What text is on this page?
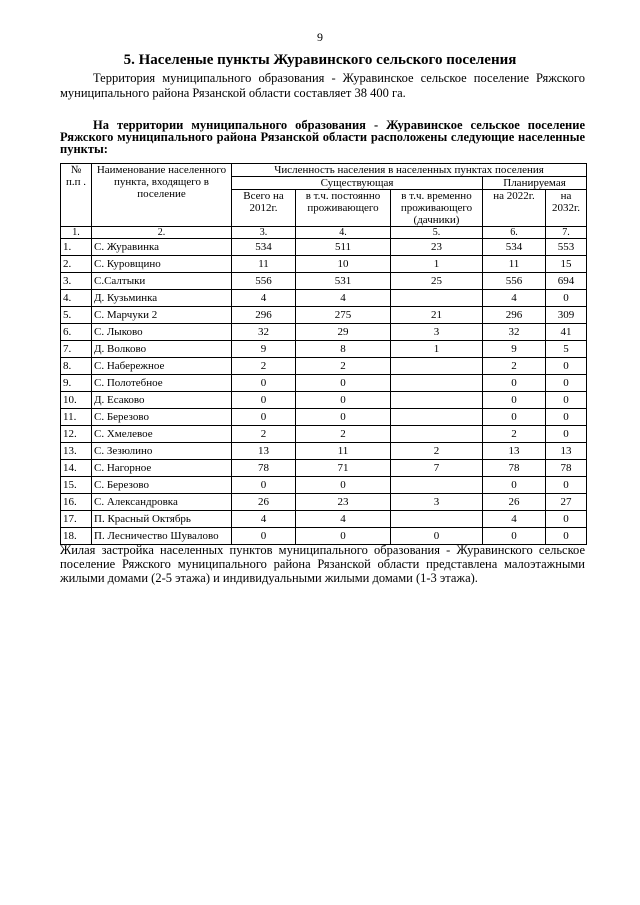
9
5. Населеные пункты Журавинского сельского поселения
Территория муниципального образования - Журавинское сельское поселение Ряжского муниципального района Рязанской области составляет 38 400 га.
На территории муниципального образования - Журавинское сельское поселение Ряжского муниципального района Рязанской области расположены следующие населенные пункты:
№ п.п .	Наименование населенного пункта, входящего в поселение	Численность населения в населенных пунктах поселения				
		Существующая			Планируемая	
		Всего на 2012г.	в т.ч. постоянно проживающего	в т.ч. временно проживающего (дачники)	на 2022г.	на 2032г.
1.	2.	3.	4.	5.	6.	7.
1.	С. Журавинка	534	511	23	534	553
2.	С. Куровщино	11	10	1	11	15
3.	С.Салтыки	556	531	25	556	694
4.	Д. Кузьминка	4	4		4	0
5.	С. Марчуки 2	296	275	21	296	309
6.	С. Лыково	32	29	3	32	41
7.	Д. Волково	9	8	1	9	5
8.	С. Набережное	2	2		2	0
9.	С. Полотебное	0	0		0	0
10.	Д. Есаково	0	0		0	0
11.	С. Березово	0	0		0	0
12.	С. Хмелевое	2	2		2	0
13.	С. Зезюлино	13	11	2	13	13
14.	С. Нагорное	78	71	7	78	78
15.	С. Березово	0	0		0	0
16.	С. Александровка	26	23	3	26	27
17.	П. Красный Октябрь	4	4		4	0
18.	П. Лесничество Шувалово	0	0	0	0	0
Жилая застройка населенных пунктов муниципального образования - Журавинского сельское поселение Ряжского муниципального района Рязанской области представлена малоэтажными жилыми домами (2-5 этажа) и индивидуальными жилыми домами (1-3 этажа).
